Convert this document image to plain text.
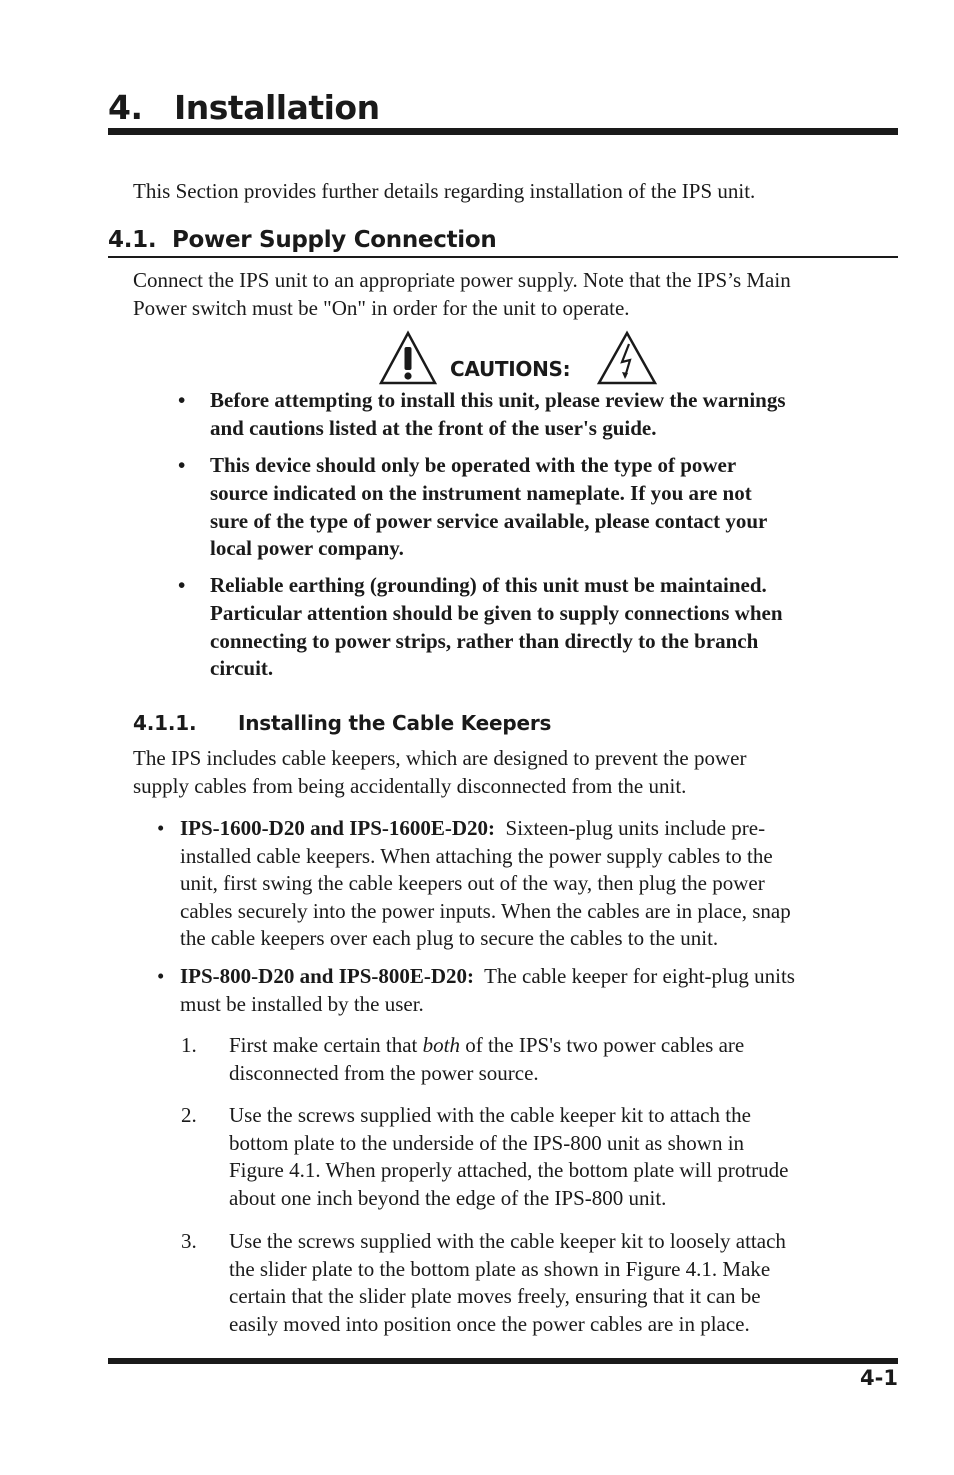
4. Installation
This Section provides further details regarding installation of the IPS unit.
4.1. Power Supply Connection
Connect the IPS unit to an appropriate power supply. Note that the IPS’s Main
Power switch must be "On" in order for the unit to operate.
CAUTIONS:
• Before attempting to install this unit, please review the warnings
and cautions listed at the front of the user's guide.
• This device should only be operated with the type of power
source indicated on the instrument nameplate. If you are not
sure of the type of power service available, please contact your
local power company.
• Reliable earthing (grounding) of this unit must be maintained.
Particular attention should be given to supply connections when
connecting to power strips, rather than directly to the branch
circuit.
4.1.1. Installing the Cable Keepers
The IPS includes cable keepers, which are designed to prevent the power
supply cables from being accidentally disconnected from the unit.
• IPS-1600-D20 and IPS-1600E-D20:  Sixteen-plug units include pre-
installed cable keepers. When attaching the power supply cables to the
unit, first swing the cable keepers out of the way, then plug the power
cables securely into the power inputs. When the cables are in place, snap
the cable keepers over each plug to secure the cables to the unit.
• IPS-800-D20 and IPS-800E-D20:  The cable keeper for eight-plug units
must be installed by the user.
1. First make certain that both of the IPS's two power cables are
disconnected from the power source.
2. Use the screws supplied with the cable keeper kit to attach the
bottom plate to the underside of the IPS-800 unit as shown in
Figure 4.1. When properly attached, the bottom plate will protrude
about one inch beyond the edge of the IPS-800 unit.
3. Use the screws supplied with the cable keeper kit to loosely attach
the slider plate to the bottom plate as shown in Figure 4.1. Make
certain that the slider plate moves freely, ensuring that it can be
easily moved into position once the power cables are in place.
4-1
